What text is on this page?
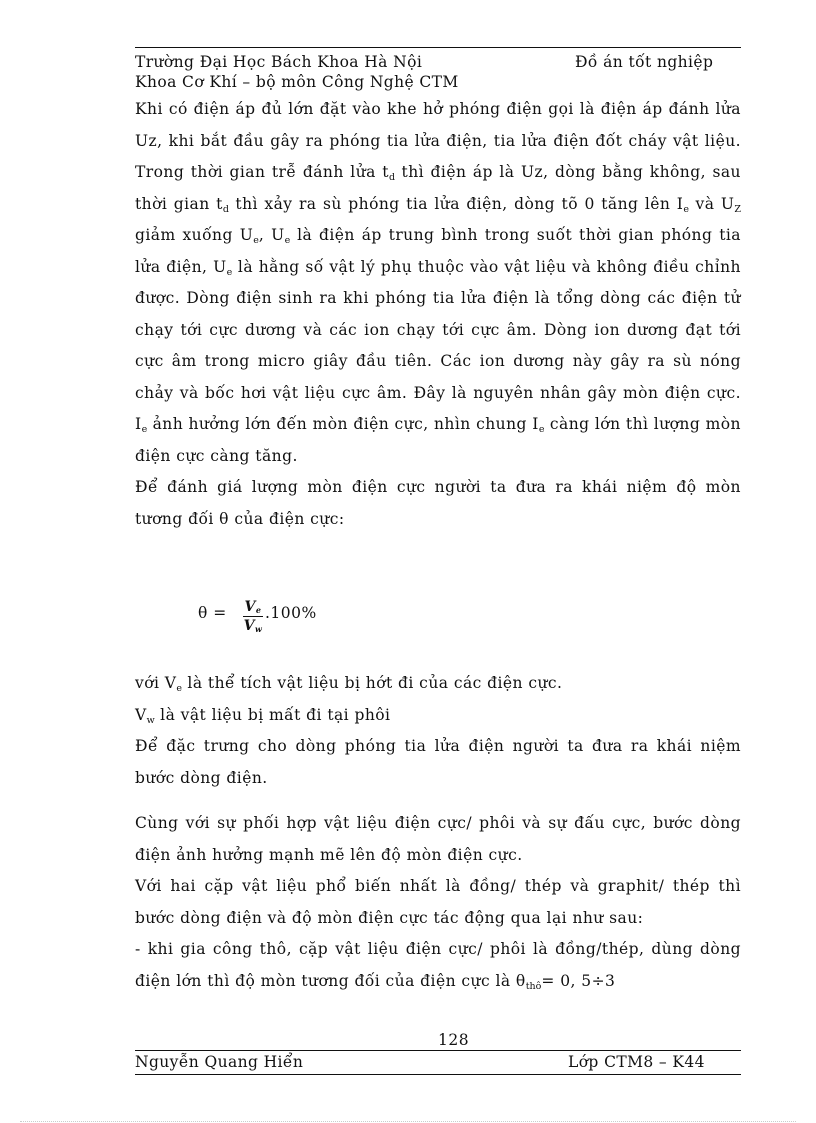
Trường Đại Học Bách Khoa Hà Nội
Khoa Cơ Khí – bộ môn Công Nghệ CTM
Đồ án tốt nghiệp

Khi có điện áp đủ lớn đặt vào khe hở phóng điện gọi là điện áp đánh lửa Uz, khi bắt đầu gây ra phóng tia lửa điện, tia lửa điện đốt cháy vật liệu. Trong thời gian trễ đánh lửa $t_d$ thì điện áp là Uz, dòng bằng không, sau thời gian $t_d$ thì xảy ra sù phóng tia lửa điện, dòng tõ 0 tăng lên $I_e$ và $U_Z$ giảm xuống $U_e$, $U_e$ là điện áp trung bình trong suốt thời gian phóng tia lửa điện, $U_e$ là hằng số vật lý phụ thuộc vào vật liệu và không điều chỉnh được. Dòng điện sinh ra khi phóng tia lửa điện là tổng dòng các điện tử chạy tới cực dương và các ion chạy tới cực âm. Dòng ion dương đạt tới cực âm trong micro giây đầu tiên. Các ion dương này gây ra sù nóng chảy và bốc hơi vật liệu cực âm. Đây là nguyên nhân gây mòn điện cực. $I_e$ ảnh hưởng lớn đến mòn điện cực, nhìn chung $I_e$ càng lớn thì lượng mòn điện cực càng tăng.

Để đánh giá lượng mòn điện cực người ta đưa ra khái niệm độ mòn tương đối θ của điện cực:

$\theta = V_e$
$V_w$
.100%

với $V_e$ là thể tích vật liệu bị hớt đi của các điện cực.

$V_w$ là vật liệu bị mất đi tại phôi

Để đặc trưng cho dòng phóng tia lửa điện người ta đưa ra khái niệm bước dòng điện.

Cùng với sự phối hợp vật liệu điện cực/ phôi và sự đấu cực, bước dòng điện ảnh hưởng mạnh mẽ lên độ mòn điện cực.

Với hai cặp vật liệu phổ biến nhất là đồng/ thép và graphit/ thép thì bước dòng điện và độ mòn điện cực tác động qua lại như sau:

- khi gia công thô, cặp vật liệu điện cực/ phôi là đồng/thép, dùng dòng điện lớn thì độ mòn tương đối của điện cực là $\theta_{thô}= 0$, 5÷3

128
Nguyễn Quang Hiển	Lớp CTM8 – K44
